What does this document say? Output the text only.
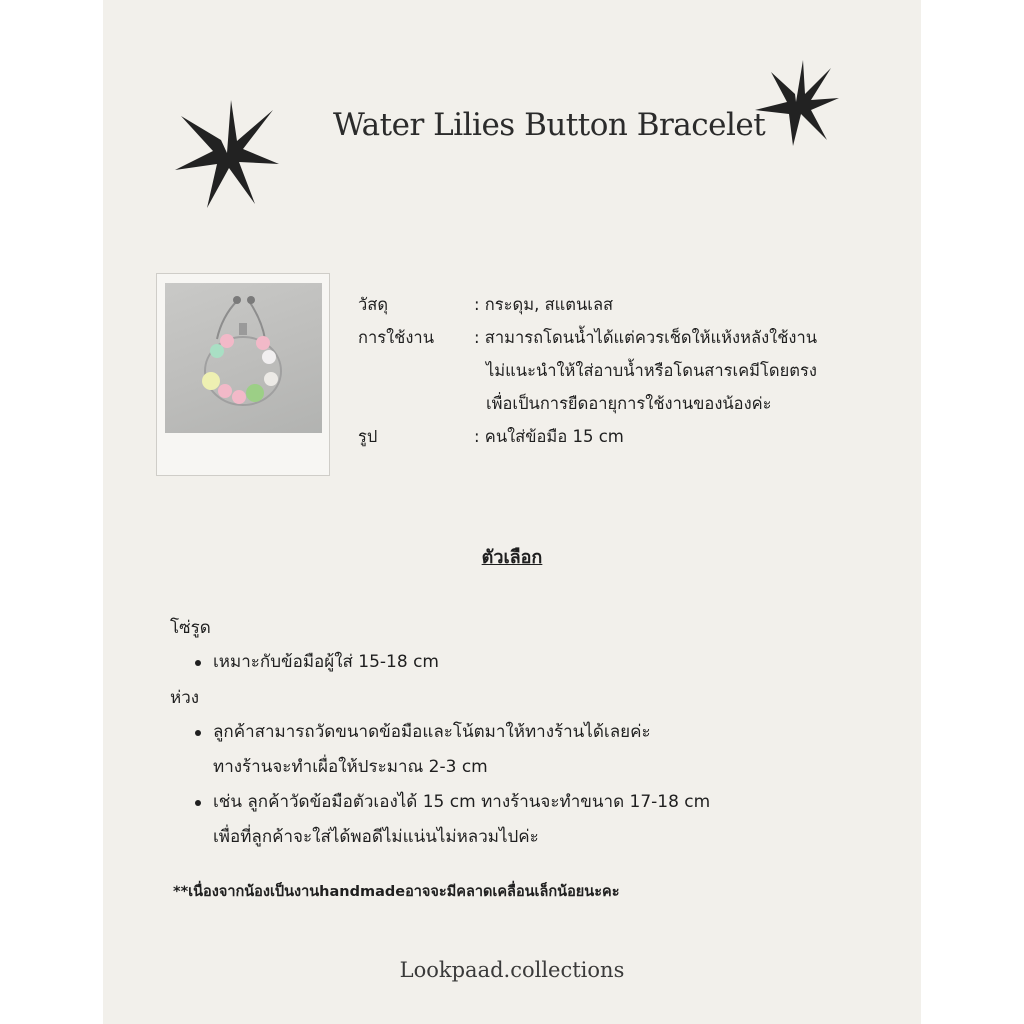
Water Lilies Button Bracelet
วัสดุ	: กระดุม, สแตนเลส
การใช้งาน	: สามารถโดนน้ำได้แต่ควรเช็ดให้แห้งหลังใช้งาน
ไม่แนะนำให้ใส่อาบน้ำหรือโดนสารเคมีโดยตรง
เพื่อเป็นการยืดอายุการใช้งานของน้องค่ะ
รูป	: คนใส่ข้อมือ 15 cm
ตัวเลือก
โซ่รูด
เหมาะกับข้อมือผู้ใส่ 15-18 cm
ห่วง
ลูกค้าสามารถวัดขนาดข้อมือและโน้ตมาให้ทางร้านได้เลยค่ะ
ทางร้านจะทำเผื่อให้ประมาณ 2-3 cm
เช่น ลูกค้าวัดข้อมือตัวเองได้ 15 cm ทางร้านจะทำขนาด 17-18 cm
เพื่อที่ลูกค้าจะใส่ได้พอดีไม่แน่นไม่หลวมไปค่ะ
**เนื่องจากน้องเป็นงานhandmadeอาจจะมีคลาดเคลื่อนเล็กน้อยนะคะ
Lookpaad.collections
